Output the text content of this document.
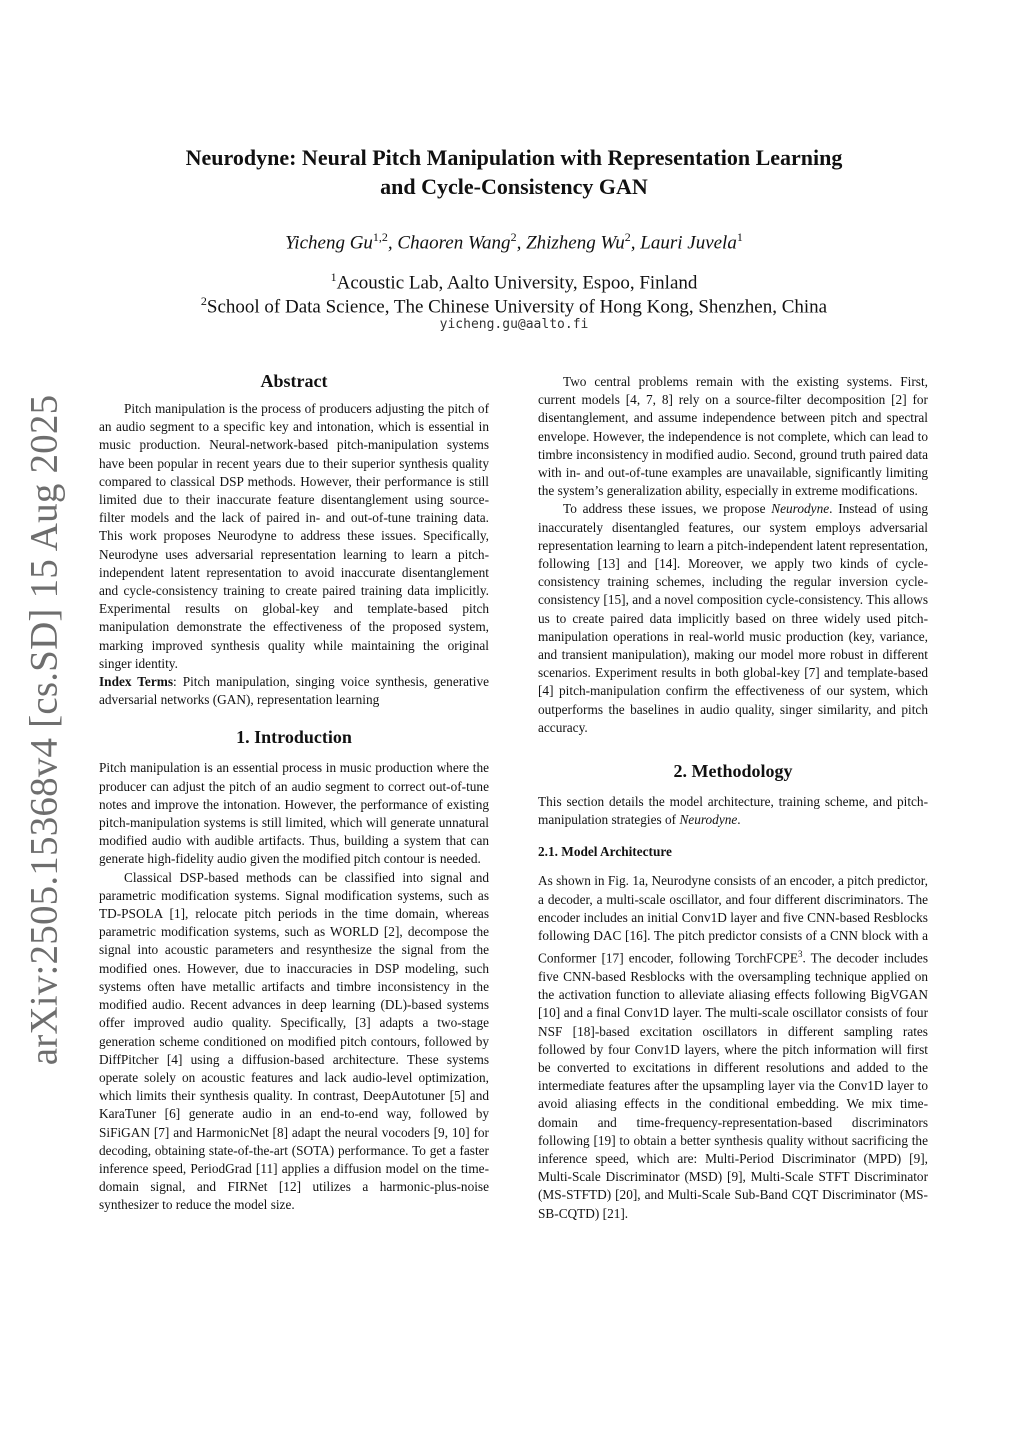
arXiv:2505.15368v4 [cs.SD] 15 Aug 2025
Neurodyne: Neural Pitch Manipulation with Representation Learning
and Cycle-Consistency GAN
Yicheng Gu$^{1,2}$, Chaoren Wang$^2$, Zhizheng Wu$^2$, Lauri Juvela$^1$
$^1$Acoustic Lab, Aalto University, Espoo, Finland
$^2$School of Data Science, The Chinese University of Hong Kong, Shenzhen, China
yicheng.gu@aalto.fi
Abstract

Pitch manipulation is the process of producers adjusting the pitch of an audio segment to a specific key and intonation, which is essential in music production. Neural-network-based pitch-manipulation systems have been popular in recent years due to their superior synthesis quality compared to classical DSP methods. However, their performance is still limited due to their inaccurate feature disentanglement using source-filter models and the lack of paired in- and out-of-tune training data. This work proposes Neurodyne to address these issues. Specifically, Neurodyne uses adversarial representation learning to learn a pitch-independent latent representation to avoid inaccurate disentanglement and cycle-consistency training to create paired training data implicitly. Experimental results on global-key and template-based pitch manipulation demonstrate the effectiveness of the proposed system, marking improved synthesis quality while maintaining the original singer identity.

Index Terms: Pitch manipulation, singing voice synthesis, generative adversarial networks (GAN), representation learning

1. Introduction

Pitch manipulation is an essential process in music production where the producer can adjust the pitch of an audio segment to correct out-of-tune notes and improve the intonation. However, the performance of existing pitch-manipulation systems is still limited, which will generate unnatural modified audio with audible artifacts. Thus, building a system that can generate high-fidelity audio given the modified pitch contour is needed.

Classical DSP-based methods can be classified into signal and parametric modification systems. Signal modification systems, such as TD-PSOLA [1], relocate pitch periods in the time domain, whereas parametric modification systems, such as WORLD [2], decompose the signal into acoustic parameters and resynthesize the signal from the modified ones. However, due to inaccuracies in DSP modeling, such systems often have metallic artifacts and timbre inconsistency in the modified audio. Recent advances in deep learning (DL)-based systems offer improved audio quality. Specifically, [3] adapts a two-stage generation scheme conditioned on modified pitch contours, followed by DiffPitcher [4] using a diffusion-based architecture. These systems operate solely on acoustic features and lack audio-level optimization, which limits their synthesis quality. In contrast, DeepAutotuner [5] and KaraTuner [6] generate audio in an end-to-end way, followed by SiFiGAN [7] and HarmonicNet [8] adapt the neural vocoders [9, 10] for decoding, obtaining state-of-the-art (SOTA) performance. To get a faster inference speed, PeriodGrad [11] applies a diffusion model on the time-domain signal, and FIRNet [12] utilizes a harmonic-plus-noise synthesizer to reduce the model size.

Two central problems remain with the existing systems. First, current models [4, 7, 8] rely on a source-filter decomposition [2] for disentanglement, and assume independence between pitch and spectral envelope. However, the independence is not complete, which can lead to timbre inconsistency in modified audio. Second, ground truth paired data with in- and out-of-tune examples are unavailable, significantly limiting the system’s generalization ability, especially in extreme modifications.

To address these issues, we propose Neurodyne. Instead of using inaccurately disentangled features, our system employs adversarial representation learning to learn a pitch-independent latent representation, following [13] and [14]. Moreover, we apply two kinds of cycle-consistency training schemes, including the regular inversion cycle-consistency [15], and a novel composition cycle-consistency. This allows us to create paired data implicitly based on three widely used pitch-manipulation operations in real-world music production (key, variance, and transient manipulation), making our model more robust in different scenarios. Experiment results in both global-key [7] and template-based [4] pitch-manipulation confirm the effectiveness of our system, which outperforms the baselines in audio quality, singer similarity, and pitch accuracy.

2. Methodology

This section details the model architecture, training scheme, and pitch-manipulation strategies of Neurodyne.

2.1. Model Architecture

As shown in Fig. 1a, Neurodyne consists of an encoder, a pitch predictor, a decoder, a multi-scale oscillator, and four different discriminators. The encoder includes an initial Conv1D layer and five CNN-based Resblocks following DAC [16]. The pitch predictor consists of a CNN block with a Conformer [17] encoder, following TorchFCPE$^3$. The decoder includes five CNN-based Resblocks with the oversampling technique applied on the activation function to alleviate aliasing effects following BigVGAN [10] and a final Conv1D layer. The multi-scale oscillator consists of four NSF [18]-based excitation oscillators in different sampling rates followed by four Conv1D layers, where the pitch information will first be converted to excitations in different resolutions and added to the intermediate features after the upsampling layer via the Conv1D layer to avoid aliasing effects in the conditional embedding. We mix time-domain and time-frequency-representation-based discriminators following [19] to obtain a better synthesis quality without sacrificing the inference speed, which are: Multi-Period Discriminator (MPD) [9], Multi-Scale Discriminator (MSD) [9], Multi-Scale STFT Discriminator (MS-STFTD) [20], and Multi-Scale Sub-Band CQT Discriminator (MS-SB-CQTD) [21].
